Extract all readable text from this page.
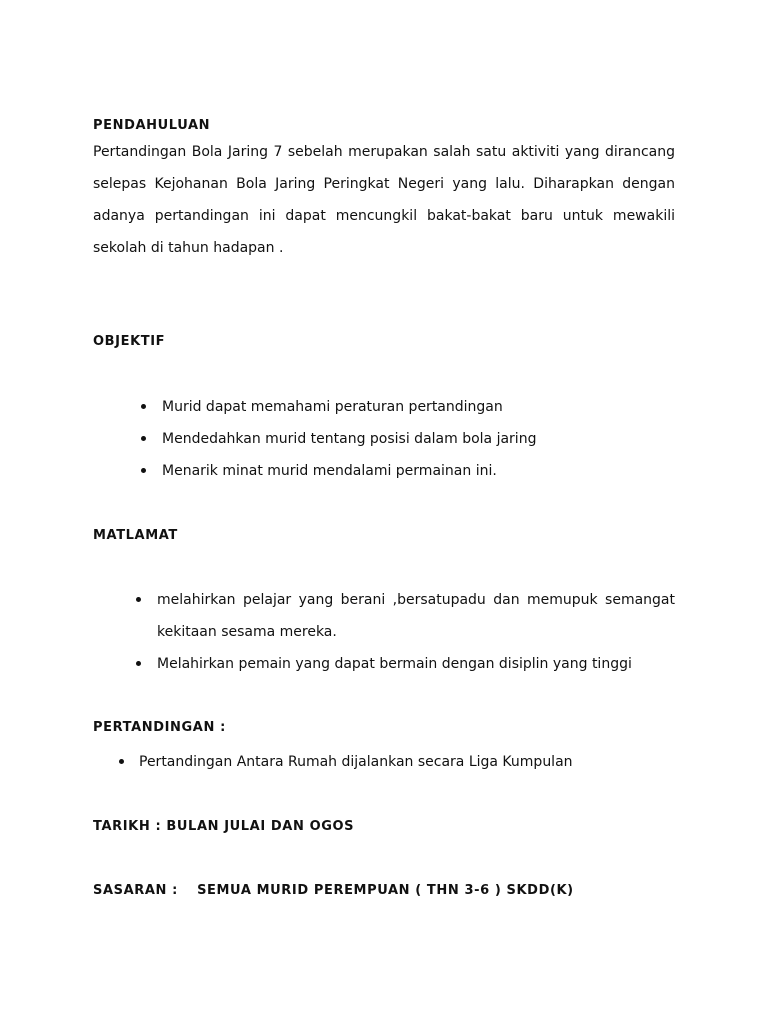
PENDAHULUAN

Pertandingan Bola Jaring 7 sebelah merupakan salah satu aktiviti yang dirancang selepas Kejohanan Bola Jaring Peringkat Negeri yang lalu. Diharapkan dengan adanya pertandingan ini dapat mencungkil bakat-bakat baru untuk mewakili sekolah di tahun hadapan .

OBJEKTIF
Murid dapat memahami peraturan pertandingan
Mendedahkan murid tentang posisi dalam bola jaring
Menarik minat murid mendalami permainan ini.
MATLAMAT
melahirkan pelajar yang berani ,bersatupadu dan memupuk semangat kekitaan sesama mereka.
Melahirkan pemain yang dapat bermain dengan disiplin yang tinggi
PERTANDINGAN :
Pertandingan Antara Rumah dijalankan secara Liga Kumpulan
TARIKH : BULAN JULAI DAN OGOS
SASARAN : SEMUA MURID PEREMPUAN ( THN 3-6 ) SKDD(K)
